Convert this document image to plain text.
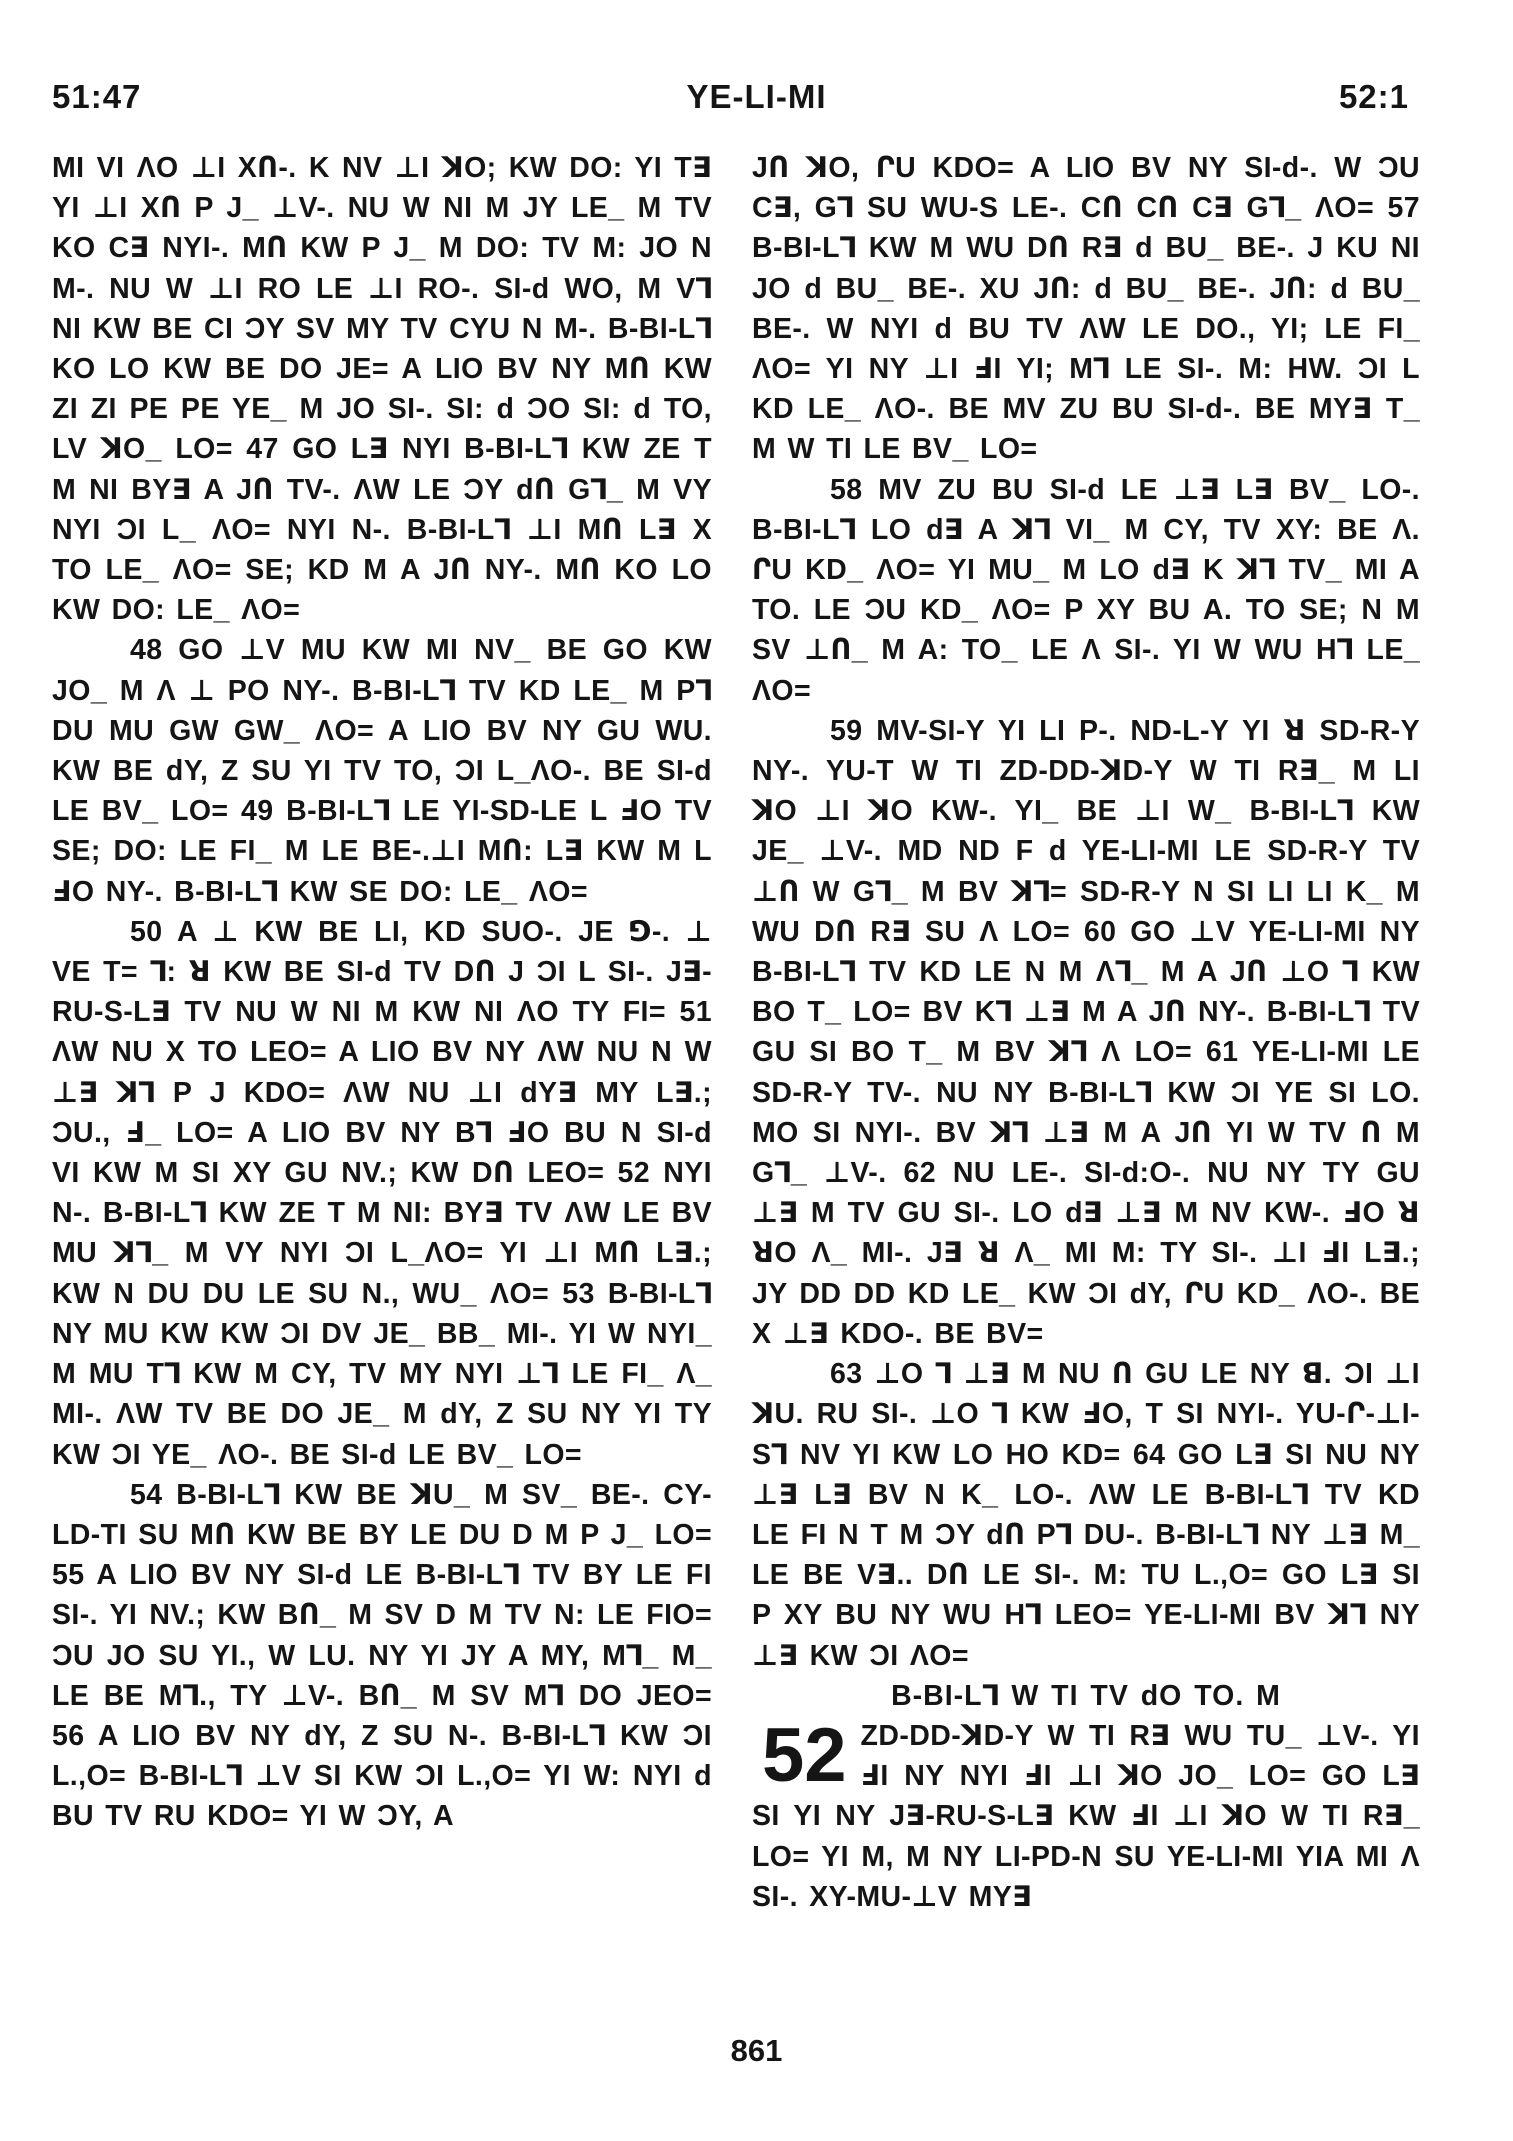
51:47	YE-LI-MI	52:1

MI VI ΛO ⊥I XՈ-. K NV ⊥I ꓘO; KW DO: YI T∃ YI ⊥I XՈ P J_ ⊥V-. NU W NI M JY LE_ M TV KO C∃ NYI-. MՈ KW P J_ M DO: TV M: JO N M-. NU W ⊥I RO LE ⊥I RO-. SI-d WO, M V⅂ NI KW BE CI ƆY SV MY TV CYU N M-. B-BI-L⅂ KO LO KW BE DO JE= A LIO BV NY MՈ KW ZI ZI PE PE YE_ M JO SI-. SI: d ƆO SI: d TO, LV ꓘO_ LO= 47 GO L∃ NYI B-BI-L⅂ KW ZE T M NI BY∃ A JՈ TV-. ΛW LE ƆY dՈ G⅂_ M VY NYI ƆI L_ ΛO= NYI N-. B-BI-L⅂ ⊥I MՈ L∃ X TO LE_ ΛO= SE; KD M A JՈ NY-. MՈ KO LO KW DO: LE_ ΛO=

48 GO ⊥V MU KW MI NV_ BE GO KW JO_ M Λ ⊥ PO NY-. B-BI-L⅂ TV KD LE_ M P⅂ DU MU GW GW_ ΛO= A LIO BV NY GU WU. KW BE dY, Z SU YI TV TO, ƆI L_ΛO-. BE SI-d LE BV_ LO= 49 B-BI-L⅂ LE YI-SD-LE L ℲO TV SE; DO: LE FI_ M LE BE-.⊥I MՈ: L∃ KW M L ℲO NY-. B-BI-L⅂ KW SE DO: LE_ ΛO=

50 A ⊥ KW BE LI, KD SUO-. JE ⅁-. ⊥ VE T= ⅂: ꓤ KW BE SI-d TV DՈ J ƆI L SI-. J∃-RU-S-L∃ TV NU W NI M KW NI ΛO TY FI= 51 ΛW NU X TO LEO= A LIO BV NY ΛW NU N W ⊥∃ ꓘ⅂ P J KDO= ΛW NU ⊥I dY∃ MY L∃.; ƆU., Ⅎ_ LO= A LIO BV NY B⅂ ℲO BU N SI-d VI KW M SI XY GU NV.; KW DՈ LEO= 52 NYI N-. B-BI-L⅂ KW ZE T M NI: BY∃ TV ΛW LE BV MU ꓘ⅂_ M VY NYI ƆI L_ΛO= YI ⊥I MՈ L∃.; KW N DU DU LE SU N., WU_ ΛO= 53 B-BI-L⅂ NY MU KW KW ƆI DV JE_ BB_ MI-. YI W NYI_ M MU T⅂ KW M CY, TV MY NYI ⊥⅂ LE FI_ Λ_ MI-. ΛW TV BE DO JE_ M dY, Z SU NY YI TY KW ƆI YE_ ΛO-. BE SI-d LE BV_ LO=

54 B-BI-L⅂ KW BE ꓘU_ M SV_ BE-. CY-LD-TI SU MՈ KW BE BY LE DU D M P J_ LO= 55 A LIO BV NY SI-d LE B-BI-L⅂ TV BY LE FI SI-. YI NV.; KW BՈ_ M SV D M TV N: LE FIO= ƆU JO SU YI., W LU. NY YI JY A MY, M⅂_ M_ LE BE M⅂., TY ⊥V-. BՈ_ M SV M⅂ DO JEO= 56 A LIO BV NY dY, Z SU N-. B-BI-L⅂ KW ƆI L.,O= B-BI-L⅂ ⊥V SI KW ƆI L.,O= YI W: NYI d BU TV RU KDO= YI W ƆY, A

JՈ ꓘO, ՐU KDO= A LIO BV NY SI-d-. W ƆU C∃, G⅂ SU WU-S LE-. CՈ CՈ C∃ G⅂_ ΛO= 57 B-BI-L⅂ KW M WU DՈ R∃ d BU_ BE-. J KU NI JO d BU_ BE-. XU JՈ: d BU_ BE-. JՈ: d BU_ BE-. W NYI d BU TV ΛW LE DO., YI; LE FI_ ΛO= YI NY ⊥I ℲI YI; M⅂ LE SI-. M: HW. ƆI L KD LE_ ΛO-. BE MV ZU BU SI-d-. BE MY∃ T_ M W TI LE BV_ LO=

58 MV ZU BU SI-d LE ⊥∃ L∃ BV_ LO-. B-BI-L⅂ LO d∃ A ꓘ⅂ VI_ M CY, TV XY: BE Λ. ՐU KD_ ΛO= YI MU_ M LO d∃ K ꓘ⅂ TV_ MI A TO. LE ƆU KD_ ΛO= P XY BU A. TO SE; N M SV ⊥Ո_ M A: TO_ LE Λ SI-. YI W WU H⅂ LE_ ΛO=

59 MV-SI-Y YI LI P-. ND-L-Y YI ꓤ SD-R-Y NY-. YU-T W TI ZD-DD-ꓘD-Y W TI R∃_ M LI ꓘO ⊥I ꓘO KW-. YI_ BE ⊥I W_ B-BI-L⅂ KW JE_ ⊥V-. MD ND F d YE-LI-MI LE SD-R-Y TV ⊥Ո W G⅂_ M BV ꓘ⅂= SD-R-Y N SI LI LI K_ M WU DՈ R∃ SU Λ LO= 60 GO ⊥V YE-LI-MI NY B-BI-L⅂ TV KD LE N M Λ⅂_ M A JՈ ⊥O ⅂ KW BO T_ LO= BV K⅂ ⊥∃ M A JՈ NY-. B-BI-L⅂ TV GU SI BO T_ M BV ꓘ⅂ Λ LO= 61 YE-LI-MI LE SD-R-Y TV-. NU NY B-BI-L⅂ KW ƆI YE SI LO. MO SI NYI-. BV ꓘ⅂ ⊥∃ M A JՈ YI W TV Ո M G⅂_ ⊥V-. 62 NU LE-. SI-d:O-. NU NY TY GU ⊥∃ M TV GU SI-. LO d∃ ⊥∃ M NV KW-. ℲO ꓤ ꓤO Λ_ MI-. J∃ ꓤ Λ_ MI M: TY SI-. ⊥I ℲI L∃.; JY DD DD KD LE_ KW ƆI dY, ՐU KD_ ΛO-. BE X ⊥∃ KDO-. BE BV=

63 ⊥O ⅂ ⊥∃ M NU Ո GU LE NY ꓭ. ƆI ⊥I ꓘU. RU SI-. ⊥O ⅂ KW ℲO, T SI NYI-. YU-Ր-⊥I-S⅂ NV YI KW LO HO KD= 64 GO L∃ SI NU NY ⊥∃ L∃ BV N K_ LO-. ΛW LE B-BI-L⅂ TV KD LE FI N T M ƆY dՈ P⅂ DU-. B-BI-L⅂ NY ⊥∃ M_ LE BE V∃.. DՈ LE SI-. M: TU L.,O= GO L∃ SI P XY BU NY WU H⅂ LEO= YE-LI-MI BV ꓘ⅂ NY ⊥∃ KW ƆI ΛO=

B-BI-L⅂ W TI TV dO TO. M

52 ZD-DD-ꓘD-Y W TI R∃ WU TU_ ⊥V-. YI ℲI NY NYI ℲI ⊥I ꓘO JO_ LO= GO L∃ SI YI NY J∃-RU-S-L∃ KW ℲI ⊥I ꓘO W TI R∃_ LO= YI M, M NY LI-PD-N SU YE-LI-MI YIA MI Λ SI-. XY-MU-⊥V MY∃
861
